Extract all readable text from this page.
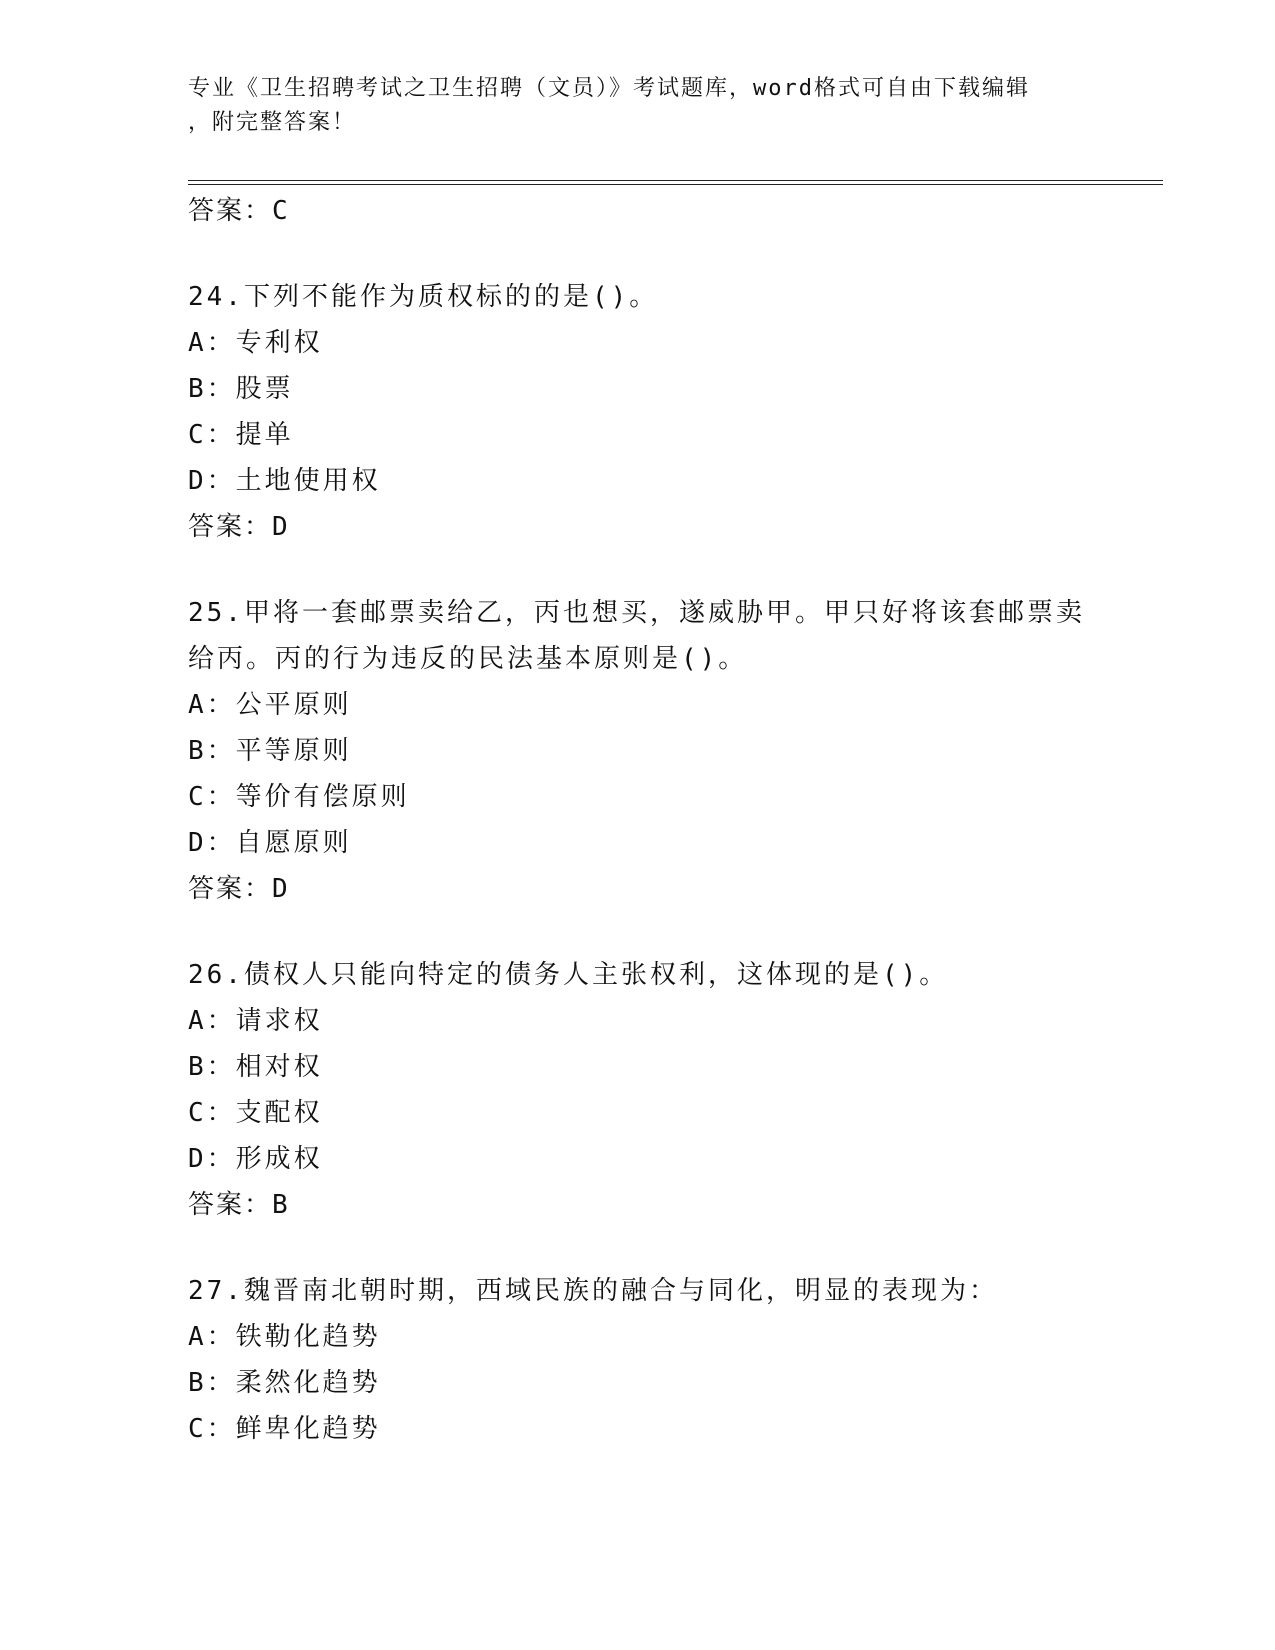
专业《卫生招聘考试之卫生招聘（文员）》考试题库，word格式可自由下载编辑
，附完整答案！

答案：C

24.下列不能作为质权标的的是()。

A：专利权

B：股票

C：提单

D：土地使用权

答案：D

25.甲将一套邮票卖给乙，丙也想买，遂威胁甲。甲只好将该套邮票卖

给丙。丙的行为违反的民法基本原则是()。

A：公平原则

B：平等原则

C：等价有偿原则

D：自愿原则

答案：D

26.债权人只能向特定的债务人主张权利，这体现的是()。

A：请求权

B：相对权

C：支配权

D：形成权

答案：B

27.魏晋南北朝时期，西域民族的融合与同化，明显的表现为：

A：铁勒化趋势

B：柔然化趋势

C：鲜卑化趋势
